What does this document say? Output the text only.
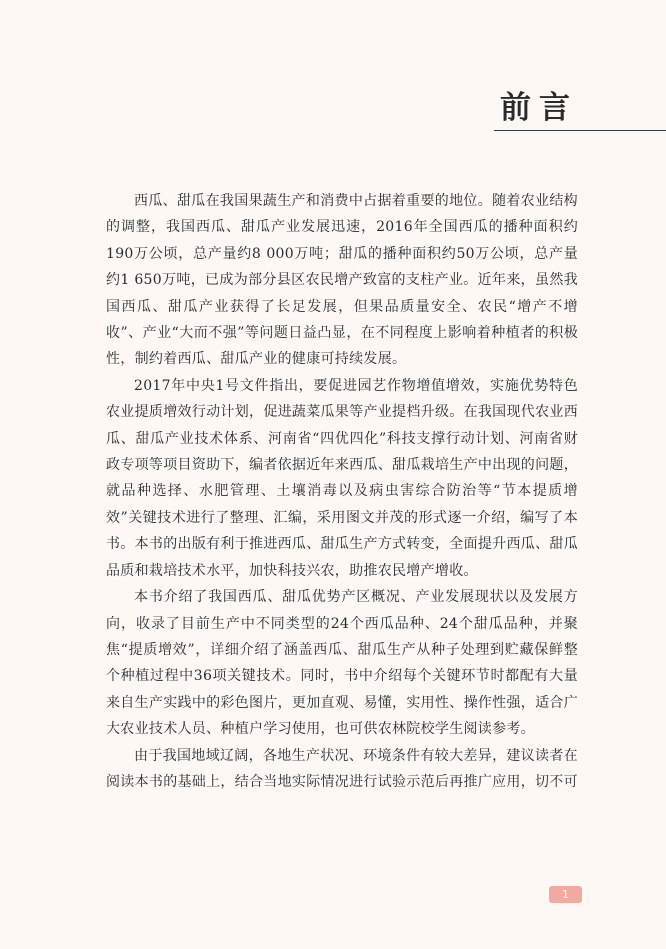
前言

西瓜、甜瓜在我国果蔬生产和消费中占据着重要的地位。随着农业结构的调整，我国西瓜、甜瓜产业发展迅速，2016年全国西瓜的播种面积约190万公顷，总产量约8 000万吨；甜瓜的播种面积约50万公顷，总产量约1 650万吨，已成为部分县区农民增产致富的支柱产业。近年来，虽然我国西瓜、甜瓜产业获得了长足发展，但果品质量安全、农民“增产不增收”、产业“大而不强”等问题日益凸显，在不同程度上影响着种植者的积极性，制约着西瓜、甜瓜产业的健康可持续发展。

2017年中央1号文件指出，要促进园艺作物增值增效，实施优势特色农业提质增效行动计划，促进蔬菜瓜果等产业提档升级。在我国现代农业西瓜、甜瓜产业技术体系、河南省“四优四化”科技支撑行动计划、河南省财政专项等项目资助下，编者依据近年来西瓜、甜瓜栽培生产中出现的问题，就品种选择、水肥管理、土壤消毒以及病虫害综合防治等“节本提质增效”关键技术进行了整理、汇编，采用图文并茂的形式逐一介绍，编写了本书。本书的出版有利于推进西瓜、甜瓜生产方式转变，全面提升西瓜、甜瓜品质和栽培技术水平，加快科技兴农，助推农民增产增收。

本书介绍了我国西瓜、甜瓜优势产区概况、产业发展现状以及发展方向，收录了目前生产中不同类型的24个西瓜品种、24个甜瓜品种，并聚焦“提质增效”，详细介绍了涵盖西瓜、甜瓜生产从种子处理到贮藏保鲜整个种植过程中36项关键技术。同时，书中介绍每个关键环节时都配有大量来自生产实践中的彩色图片，更加直观、易懂，实用性、操作性强，适合广大农业技术人员、种植户学习使用，也可供农林院校学生阅读参考。

由于我国地域辽阔，各地生产状况、环境条件有较大差异，建议读者在阅读本书的基础上，结合当地实际情况进行试验示范后再推广应用，切不可

1
